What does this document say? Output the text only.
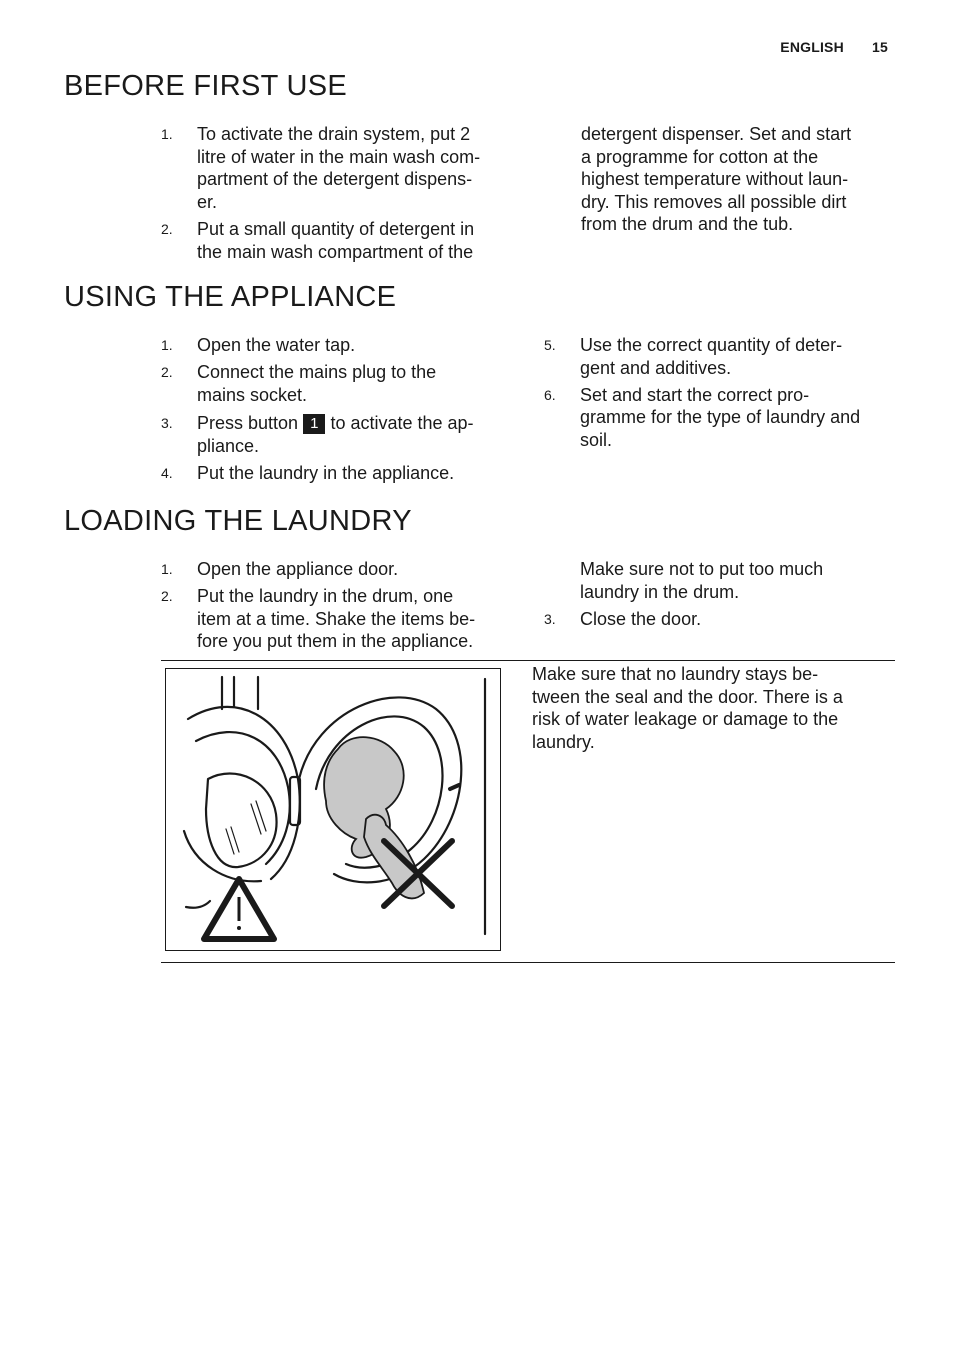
ENGLISH 15
BEFORE FIRST USE
1. To activate the drain system, put 2

litre of water in the main wash com-

partment of the detergent dispens-

er.

2. Put a small quantity of detergent in

the main wash compartment of the

detergent dispenser. Set and start

a programme for cotton at the

highest temperature without laun-

dry. This removes all possible dirt

from the drum and the tub.

USING THE APPLIANCE
1. Open the water tap.

2. Connect the mains plug to the

mains socket.

3. Press button 1 to activate the ap-

pliance.

4. Put the laundry in the appliance.

5. Use the correct quantity of deter-

gent and additives.

6. Set and start the correct pro-

gramme for the type of laundry and

soil.

LOADING THE LAUNDRY
1. Open the appliance door.

2. Put the laundry in the drum, one

item at a time. Shake the items be-

fore you put them in the appliance.

Make sure not to put too much

laundry in the drum.

3. Close the door.

Make sure that no laundry stays be-

tween the seal and the door. There is a

risk of water leakage or damage to the

laundry.
